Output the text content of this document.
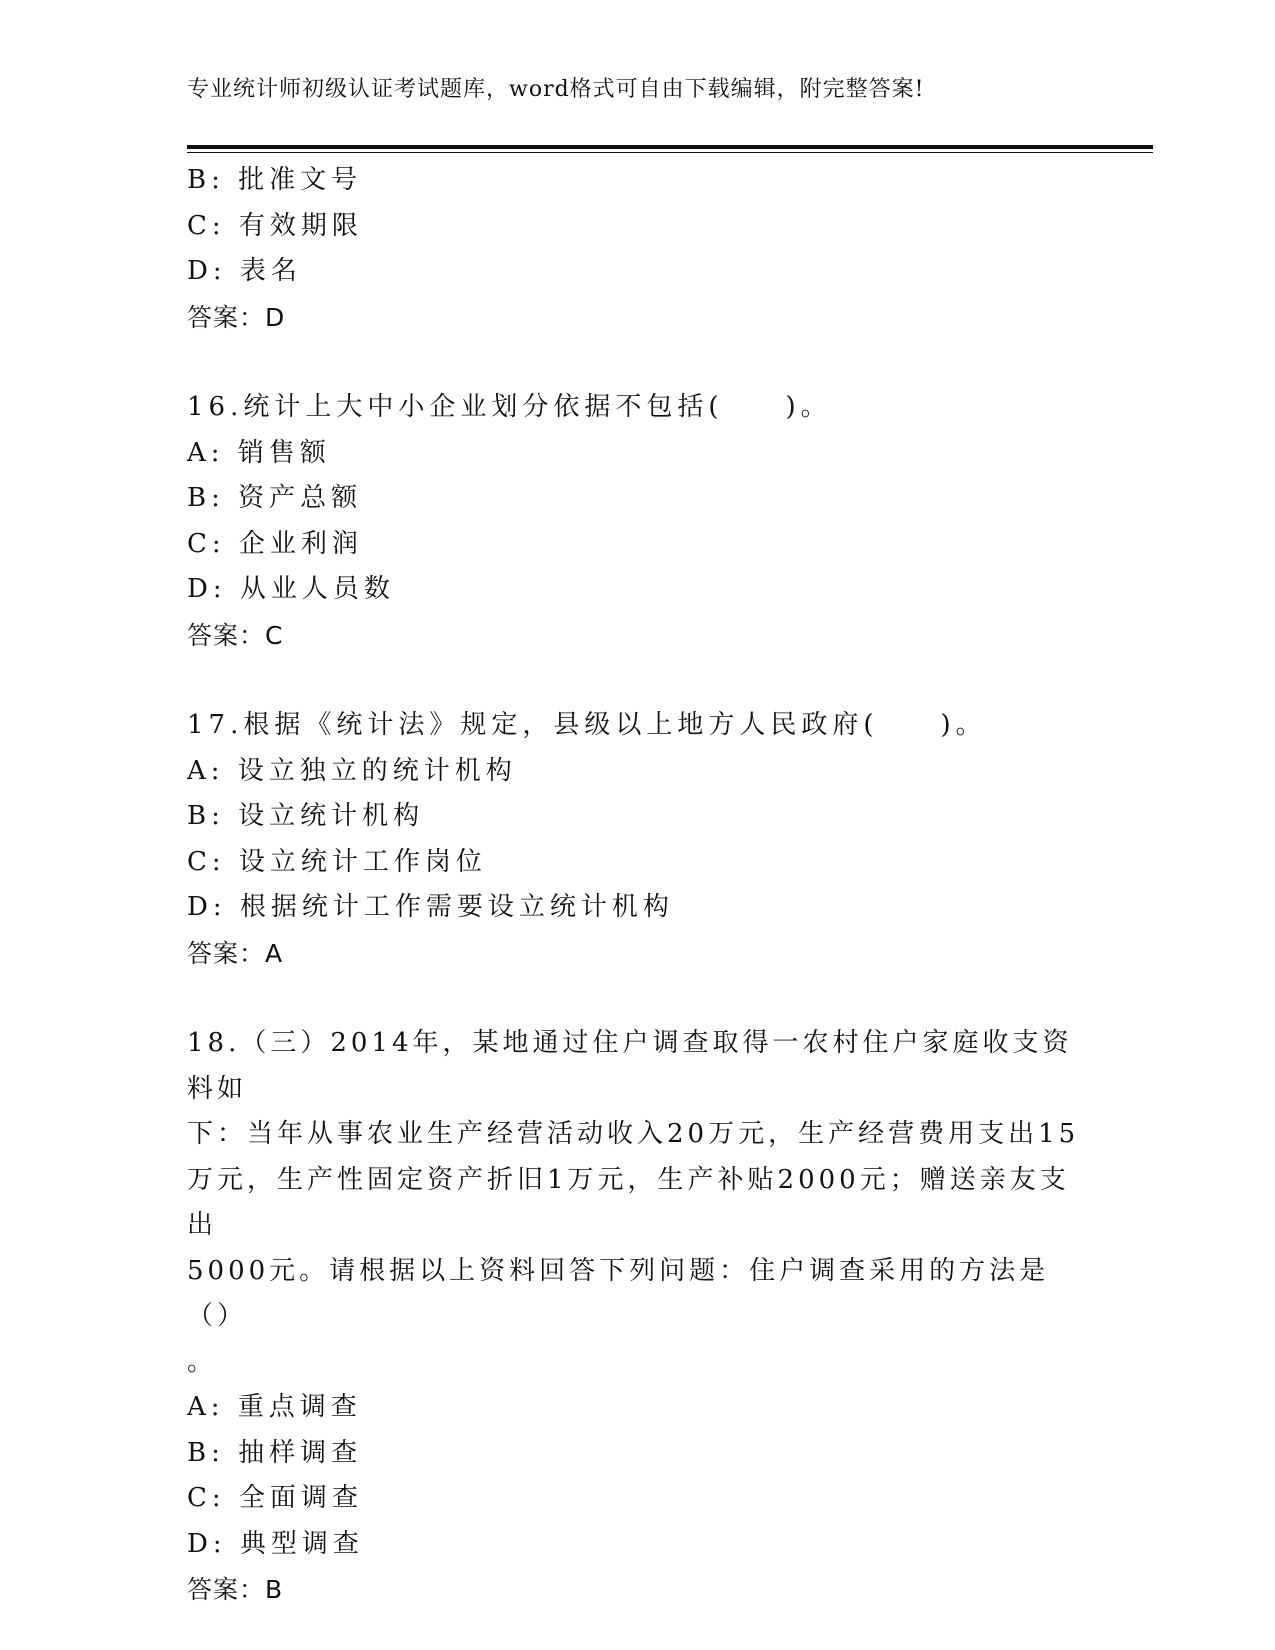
专业统计师初级认证考试题库，word格式可自由下载编辑，附完整答案!
B: 批准文号
C: 有效期限
D: 表名
答案：D
16.统计上大中小企业划分依据不包括(　　)。
A: 销售额
B: 资产总额
C: 企业利润
D: 从业人员数
答案：C
17.根据《统计法》规定，县级以上地方人民政府(　　)。
A: 设立独立的统计机构
B: 设立统计机构
C: 设立统计工作岗位
D: 根据统计工作需要设立统计机构
答案：A
18.（三）2014年，某地通过住户调查取得一农村住户家庭收支资料如
下：当年从事农业生产经营活动收入20万元，生产经营费用支出15
万元，生产性固定资产折旧1万元，生产补贴2000元；赠送亲友支出
5000元。请根据以上资料回答下列问题：住户调查采用的方法是（）
。
A: 重点调查
B: 抽样调查
C: 全面调查
D: 典型调查
答案：B
